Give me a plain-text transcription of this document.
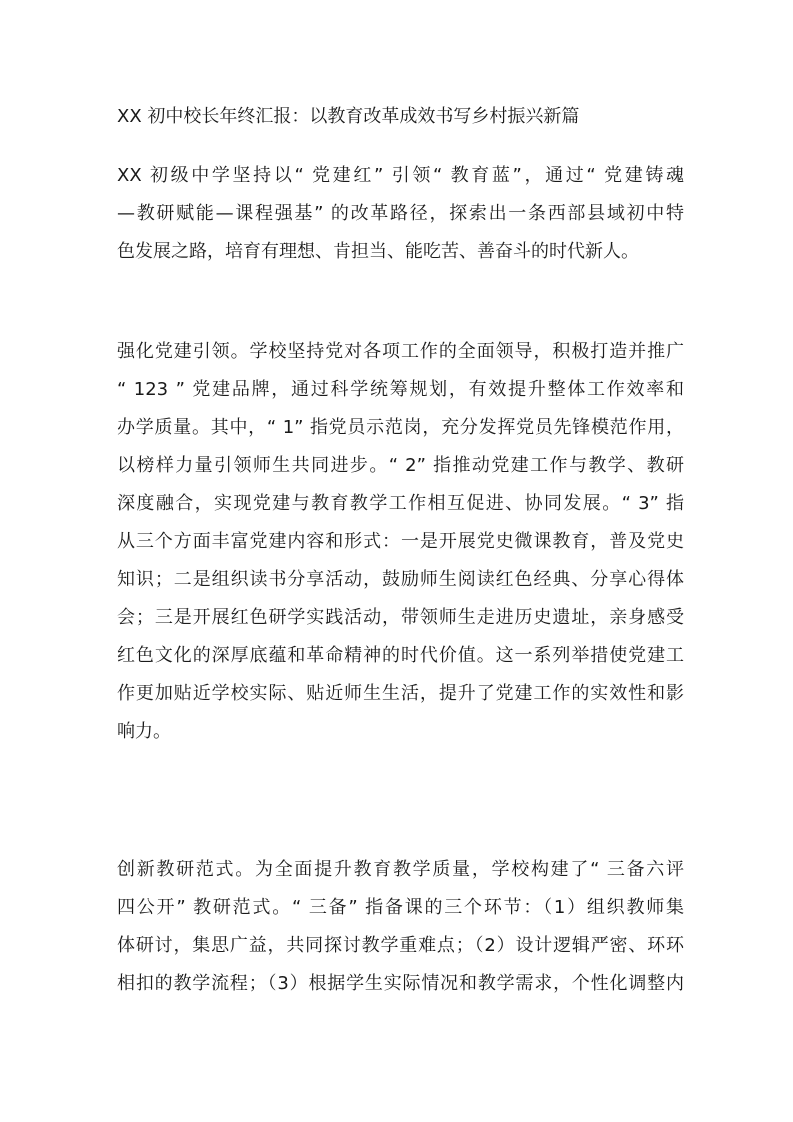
XX 初中校长年终汇报：以教育改革成效书写乡村振兴新篇
XX 初级中学坚持以“ 党建红” 引领“ 教育蓝”，通过“ 党建铸魂
—教研赋能—课程强基” 的改革路径，探索出一条西部县域初中特
色发展之路，培育有理想、肯担当、能吃苦、善奋斗的时代新人。
强化党建引领。学校坚持党对各项工作的全面领导，积极打造并推广
“ 123 ” 党建品牌，通过科学统筹规划，有效提升整体工作效率和
办学质量。其中，“ 1” 指党员示范岗，充分发挥党员先锋模范作用，
以榜样力量引领师生共同进步。“ 2” 指推动党建工作与教学、教研
深度融合，实现党建与教育教学工作相互促进、协同发展。“ 3” 指
从三个方面丰富党建内容和形式：一是开展党史微课教育，普及党史
知识；二是组织读书分享活动，鼓励师生阅读红色经典、分享心得体
会；三是开展红色研学实践活动，带领师生走进历史遗址，亲身感受
红色文化的深厚底蕴和革命精神的时代价值。这一系列举措使党建工
作更加贴近学校实际、贴近师生生活，提升了党建工作的实效性和影
响力。
创新教研范式。为全面提升教育教学质量，学校构建了“ 三备六评
四公开” 教研范式。“ 三备” 指备课的三个环节：（1）组织教师集
体研讨，集思广益，共同探讨教学重难点；（2）设计逻辑严密、环环
相扣的教学流程；（3）根据学生实际情况和教学需求，个性化调整内
